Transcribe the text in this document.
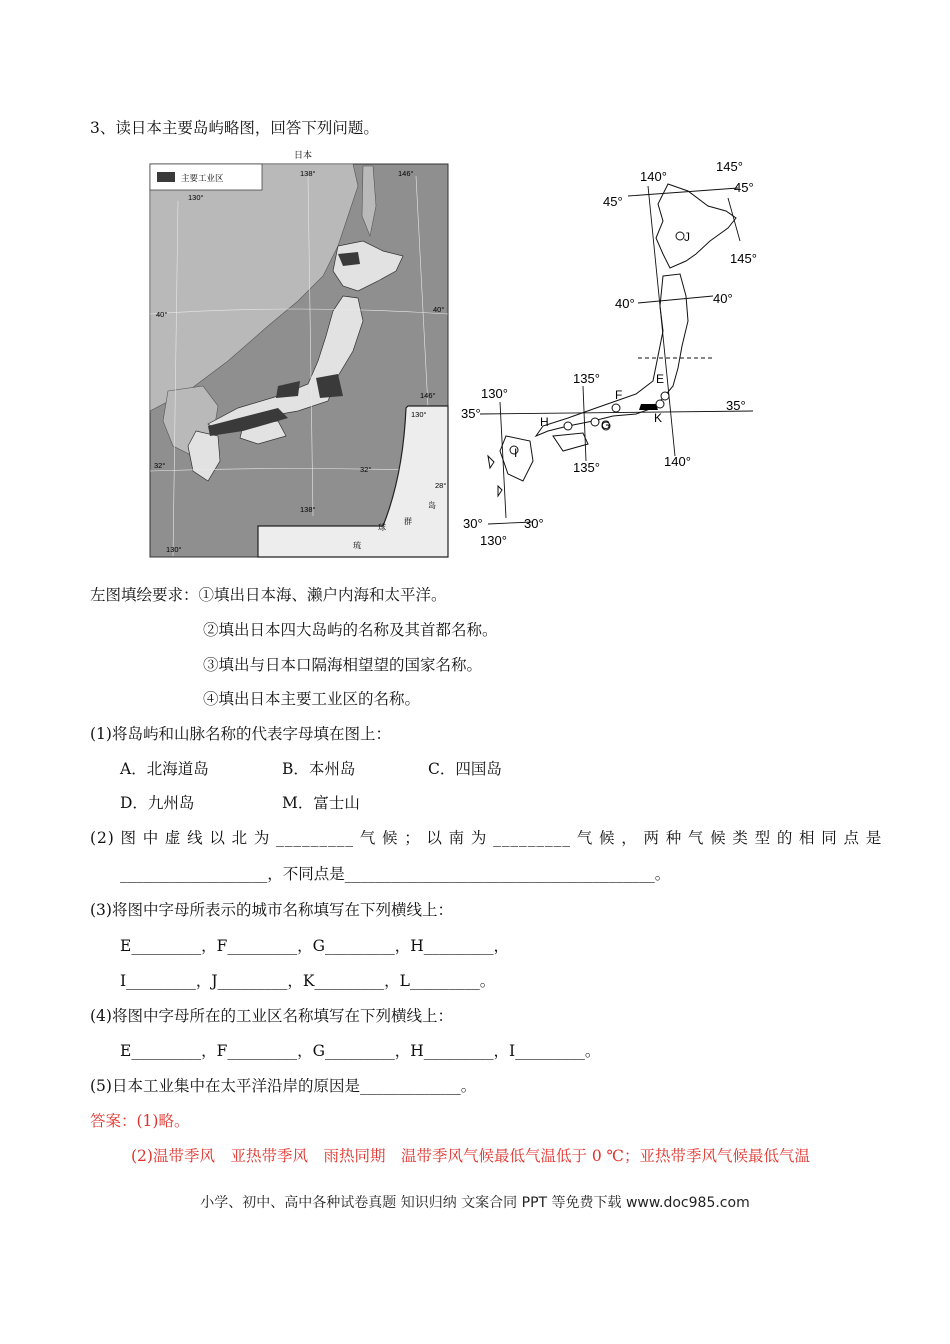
3、读日本主要岛屿略图，回答下列问题。
日本
主要工业区
130°
138°	146°
138°
146°
130°
130°
40°
40°
32°	32°
28°
岛
群
球
琉
145°
140°
45°
45°
145°
40°	40°
135°
130°
35°
35°
135°	140°
30°	30°
130°
J
E
F
K
H	G
I
左图填绘要求：①填出日本海、濑户内海和太平洋。
②填出日本四大岛屿的名称及其首都名称。
③填出与日本口隔海相望望的国家名称。
④填出日本主要工业区的名称。
(1)将岛屿和山脉名称的代表字母填在图上：
A．北海道岛	B．本州岛	C．四国岛
D．九州岛	M．富士山
(2) 图 中 虚 线 以 北 为 _________ 气 候 ； 以 南 为 _________ 气 候 ， 两 种 气 候 类 型 的 相 同 点 是
___________________，不同点是________________________________________。
(3)将图中字母所表示的城市名称填写在下列横线上：
E_________，F_________，G_________，H_________，
I_________，J_________，K_________，L_________。
(4)将图中字母所在的工业区名称填写在下列横线上：
E_________，F_________，G_________，H_________，I_________。
(5)日本工业集中在太平洋沿岸的原因是_____________。
答案：(1)略。
(2)温带季风　亚热带季风　雨热同期　温带季风气候最低气温低于 0 ℃；亚热带季风气候最低气温
小学、初中、高中各种试卷真题 知识归纳 文案合同 PPT 等免费下载 www.doc985.com
